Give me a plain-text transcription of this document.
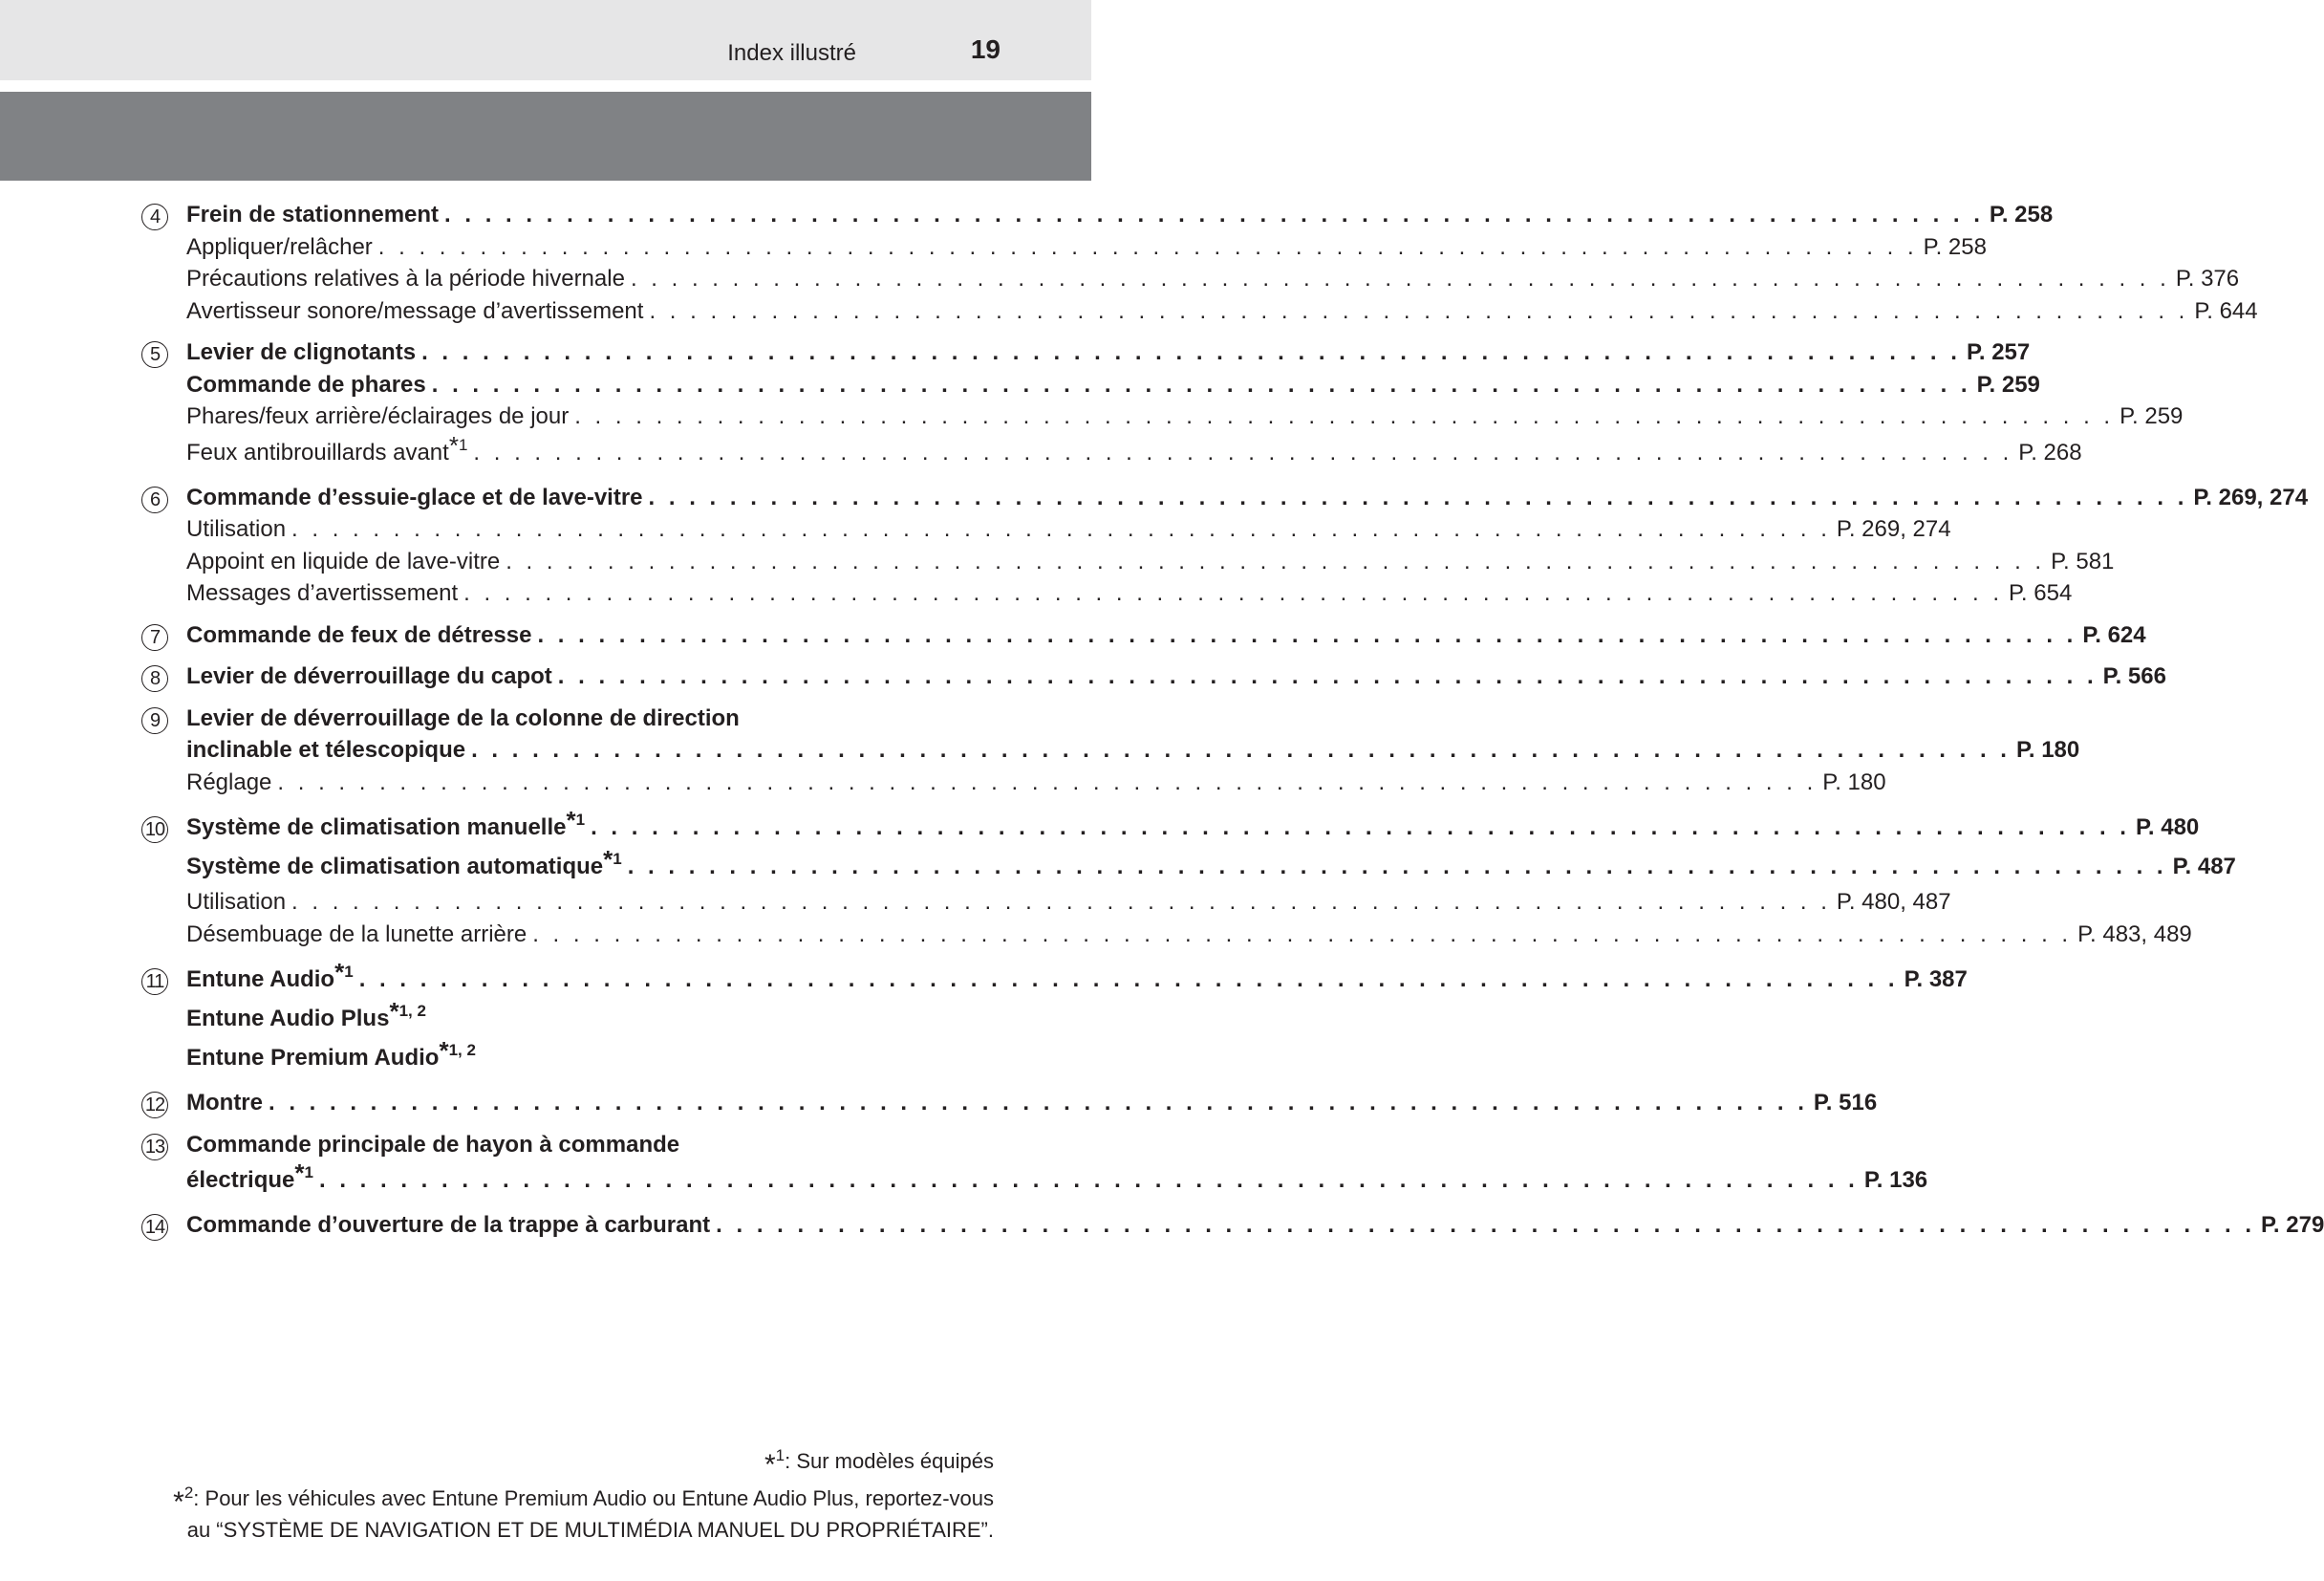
Index illustré	19
4	Frein de stationnement . . . . . . . . . . . . . . . . . . . . . . . . . . . . . . . . . . . . . . . . . . . . . . . . . . . . . . . . . . . . . . . . . . . . . . . . . . . . P. 258
Appliquer/relâcher . . . . . . . . . . . . . . . . . . . . . . . . . . . . . . . . . . . . . . . . . . . . . . . . . . . . . . . . . . . . . . . . . . . . . . . . . . . . P. 258
Précautions relatives à la période hivernale . . . . . . . . . . . . . . . . . . . . . . . . . . . . . . . . . . . . . . . . . . . . . . . . . . . . . . . . . . . . . . . . . . . . . . . . . . . . P. 376
Avertisseur sonore/message d’avertissement . . . . . . . . . . . . . . . . . . . . . . . . . . . . . . . . . . . . . . . . . . . . . . . . . . . . . . . . . . . . . . . . . . . . . . . . . . . . P. 644
5	Levier de clignotants . . . . . . . . . . . . . . . . . . . . . . . . . . . . . . . . . . . . . . . . . . . . . . . . . . . . . . . . . . . . . . . . . . . . . . . . . . . . P. 257
Commande de phares . . . . . . . . . . . . . . . . . . . . . . . . . . . . . . . . . . . . . . . . . . . . . . . . . . . . . . . . . . . . . . . . . . . . . . . . . . . . P. 259
Phares/feux arrière/éclairages de jour . . . . . . . . . . . . . . . . . . . . . . . . . . . . . . . . . . . . . . . . . . . . . . . . . . . . . . . . . . . . . . . . . . . . . . . . . . . . P. 259
Feux antibrouillards avant$^{*1}$ . . . . . . . . . . . . . . . . . . . . . . . . . . . . . . . . . . . . . . . . . . . . . . . . . . . . . . . . . . . . . . . . . . . . . . . . . . . . P. 268
6	Commande d’essuie-glace et de lave-vitre . . . . . . . . . . . . . . . . . . . . . . . . . . . . . . . . . . . . . . . . . . . . . . . . . . . . . . . . . . . . . . . . . . . . . . . . . . . . P. 269, 274
Utilisation . . . . . . . . . . . . . . . . . . . . . . . . . . . . . . . . . . . . . . . . . . . . . . . . . . . . . . . . . . . . . . . . . . . . . . . . . . . . P. 269, 274
Appoint en liquide de lave-vitre . . . . . . . . . . . . . . . . . . . . . . . . . . . . . . . . . . . . . . . . . . . . . . . . . . . . . . . . . . . . . . . . . . . . . . . . . . . . P. 581
Messages d’avertissement . . . . . . . . . . . . . . . . . . . . . . . . . . . . . . . . . . . . . . . . . . . . . . . . . . . . . . . . . . . . . . . . . . . . . . . . . . . . P. 654
7	Commande de feux de détresse . . . . . . . . . . . . . . . . . . . . . . . . . . . . . . . . . . . . . . . . . . . . . . . . . . . . . . . . . . . . . . . . . . . . . . . . . . . . P. 624
8	Levier de déverrouillage du capot . . . . . . . . . . . . . . . . . . . . . . . . . . . . . . . . . . . . . . . . . . . . . . . . . . . . . . . . . . . . . . . . . . . . . . . . . . . . P. 566
9	Levier de déverrouillage de la colonne de direction
inclinable et télescopique . . . . . . . . . . . . . . . . . . . . . . . . . . . . . . . . . . . . . . . . . . . . . . . . . . . . . . . . . . . . . . . . . . . . . . . . . . . . P. 180
Réglage . . . . . . . . . . . . . . . . . . . . . . . . . . . . . . . . . . . . . . . . . . . . . . . . . . . . . . . . . . . . . . . . . . . . . . . . . . . . P. 180
10 Système de climatisation manuelle$^{*1}$ . . . . . . . . . . . . . . . . . . . . . . . . . . . . . . . . . . . . . . . . . . . . . . . . . . . . . . . . . . . . . . . . . . . . . . . . . . . . P. 480
Système de climatisation automatique$^{*1}$ . . . . . . . . . . . . . . . . . . . . . . . . . . . . . . . . . . . . . . . . . . . . . . . . . . . . . . . . . . . . . . . . . . . . . . . . . . . . P. 487
Utilisation . . . . . . . . . . . . . . . . . . . . . . . . . . . . . . . . . . . . . . . . . . . . . . . . . . . . . . . . . . . . . . . . . . . . . . . . . . . . P. 480, 487
Désembuage de la lunette arrière . . . . . . . . . . . . . . . . . . . . . . . . . . . . . . . . . . . . . . . . . . . . . . . . . . . . . . . . . . . . . . . . . . . . . . . . . . . . P. 483, 489
11 Entune Audio$^{*1}$ . . . . . . . . . . . . . . . . . . . . . . . . . . . . . . . . . . . . . . . . . . . . . . . . . . . . . . . . . . . . . . . . . . . . . . . . . . . . P. 387
Entune Audio Plus$^{*1, 2}$
Entune Premium Audio$^{*1, 2}$
12 Montre . . . . . . . . . . . . . . . . . . . . . . . . . . . . . . . . . . . . . . . . . . . . . . . . . . . . . . . . . . . . . . . . . . . . . . . . . . . . P. 516
13 Commande principale de hayon à commande
électrique$^{*1}$ . . . . . . . . . . . . . . . . . . . . . . . . . . . . . . . . . . . . . . . . . . . . . . . . . . . . . . . . . . . . . . . . . . . . . . . . . . . . P. 136
14 Commande d’ouverture de la trappe à carburant . . . . . . . . . . . . . . . . . . . . . . . . . . . . . . . . . . . . . . . . . . . . . . . . . . . . . . . . . . . . . . . . . . . . . . . . . . . . P. 279
*$^1$: Sur modèles équipés
*$^2$: Pour les véhicules avec Entune Premium Audio ou Entune Audio Plus, reportez-vous
au “SYSTÈME DE NAVIGATION ET DE MULTIMÉDIA MANUEL DU PROPRIÉTAIRE”.
